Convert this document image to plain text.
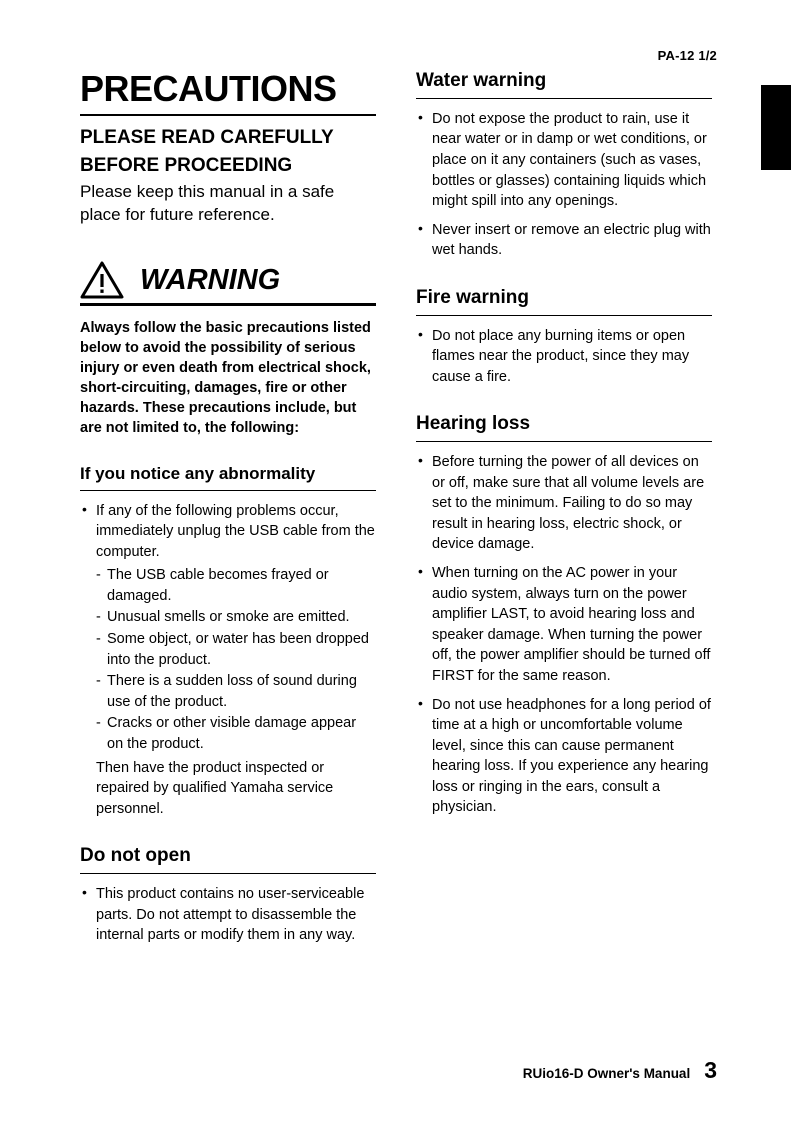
PA-12 1/2
PRECAUTIONS
PLEASE READ CAREFULLY
BEFORE PROCEEDING

Please keep this manual in a safe place for future reference.

WARNING

Always follow the basic precautions listed below to avoid the possibility of serious injury or even death from electrical shock, short-circuiting, damages, fire or other hazards. These precautions include, but are not limited to, the following:

If you notice any abnormality
• If any of the following problems occur, immediately unplug the USB cable from the computer.
- The USB cable becomes frayed or damaged.
- Unusual smells or smoke are emitted.
- Some object, or water has been dropped into the product.
- There is a sudden loss of sound during use of the product.
- Cracks or other visible damage appear on the product.

Then have the product inspected or repaired by qualified Yamaha service personnel.

Do not open
• This product contains no user-serviceable parts. Do not attempt to disassemble the internal parts or modify them in any way.
Water warning
• Do not expose the product to rain, use it near water or in damp or wet conditions, or place on it any containers (such as vases, bottles or glasses) containing liquids which might spill into any openings.
• Never insert or remove an electric plug with wet hands.
Fire warning
• Do not place any burning items or open flames near the product, since they may cause a fire.
Hearing loss
• Before turning the power of all devices on or off, make sure that all volume levels are set to the minimum. Failing to do so may result in hearing loss, electric shock, or device damage.
• When turning on the AC power in your audio system, always turn on the power amplifier LAST, to avoid hearing loss and speaker damage. When turning the power off, the power amplifier should be turned off FIRST for the same reason.
• Do not use headphones for a long period of time at a high or uncomfortable volume level, since this can cause permanent hearing loss. If you experience any hearing loss or ringing in the ears, consult a physician.
RUio16-D Owner's Manual 3
